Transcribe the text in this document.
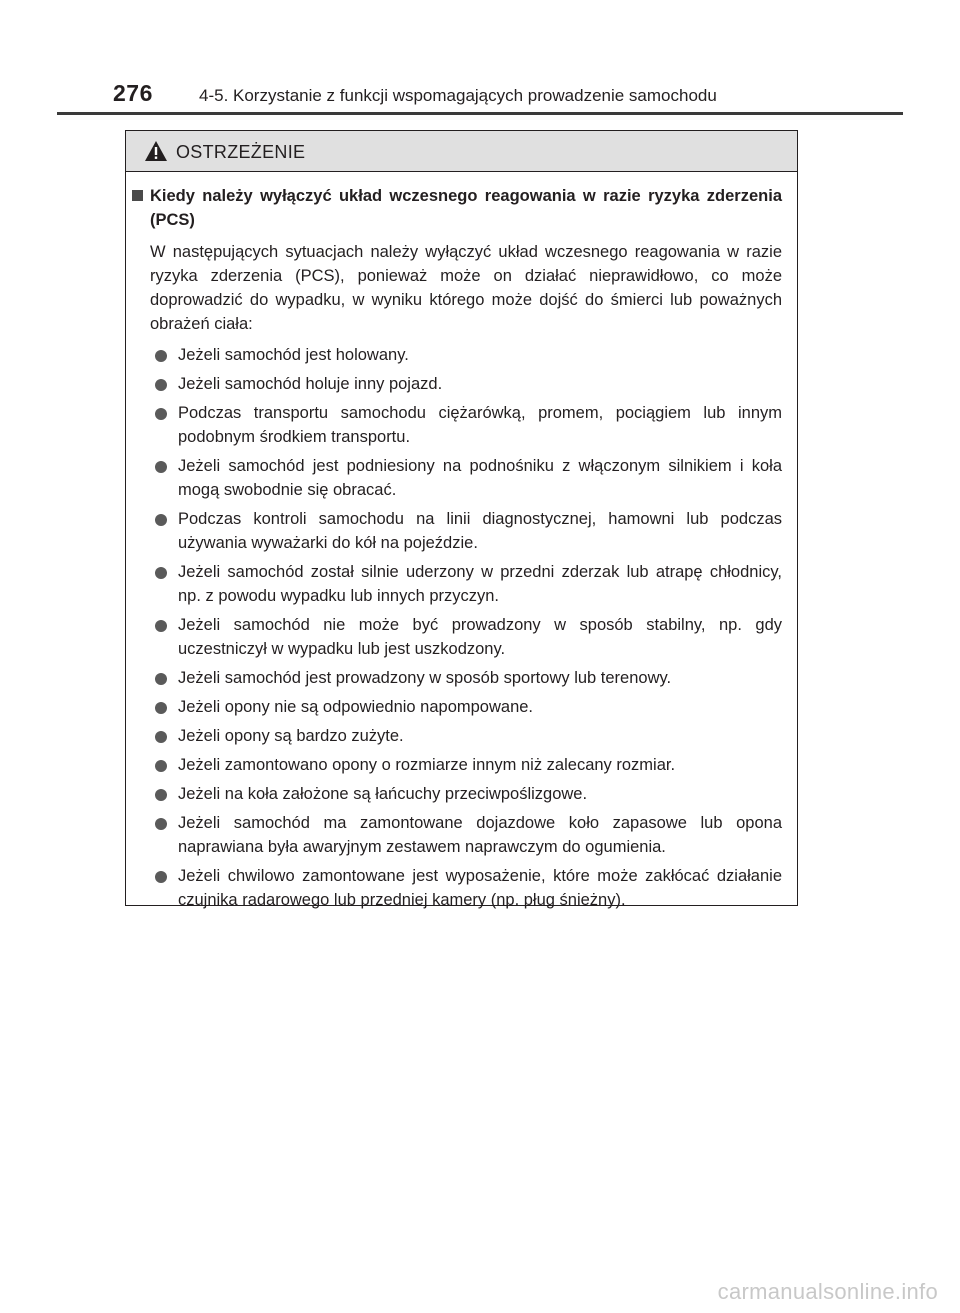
276	4-5. Korzystanie z funkcji wspomagających prowadzenie samochodu
OSTRZEŻENIE
Kiedy należy wyłączyć układ wczesnego reagowania w razie ryzyka zderzenia (PCS)
W następujących sytuacjach należy wyłączyć układ wczesnego reagowania w razie ryzyka zderzenia (PCS), ponieważ może on działać nieprawidłowo, co może doprowadzić do wypadku, w wyniku którego może dojść do śmierci lub poważnych obrażeń ciała:
Jeżeli samochód jest holowany.
Jeżeli samochód holuje inny pojazd.
Podczas transportu samochodu ciężarówką, promem, pociągiem lub innym podobnym środkiem transportu.
Jeżeli samochód jest podniesiony na podnośniku z włączonym silnikiem i koła mogą swobodnie się obracać.
Podczas kontroli samochodu na linii diagnostycznej, hamowni lub podczas używania wyważarki do kół na pojeździe.
Jeżeli samochód został silnie uderzony w przedni zderzak lub atrapę chłodnicy, np. z powodu wypadku lub innych przyczyn.
Jeżeli samochód nie może być prowadzony w sposób stabilny, np. gdy uczestniczył w wypadku lub jest uszkodzony.
Jeżeli samochód jest prowadzony w sposób sportowy lub terenowy.
Jeżeli opony nie są odpowiednio napompowane.
Jeżeli opony są bardzo zużyte.
Jeżeli zamontowano opony o rozmiarze innym niż zalecany rozmiar.
Jeżeli na koła założone są łańcuchy przeciwpoślizgowe.
Jeżeli samochód ma zamontowane dojazdowe koło zapasowe lub opona naprawiana była awaryjnym zestawem naprawczym do ogumienia.
Jeżeli chwilowo zamontowane jest wyposażenie, które może zakłócać działanie czujnika radarowego lub przedniej kamery (np. pług śnieżny).
carmanualsonline.info
